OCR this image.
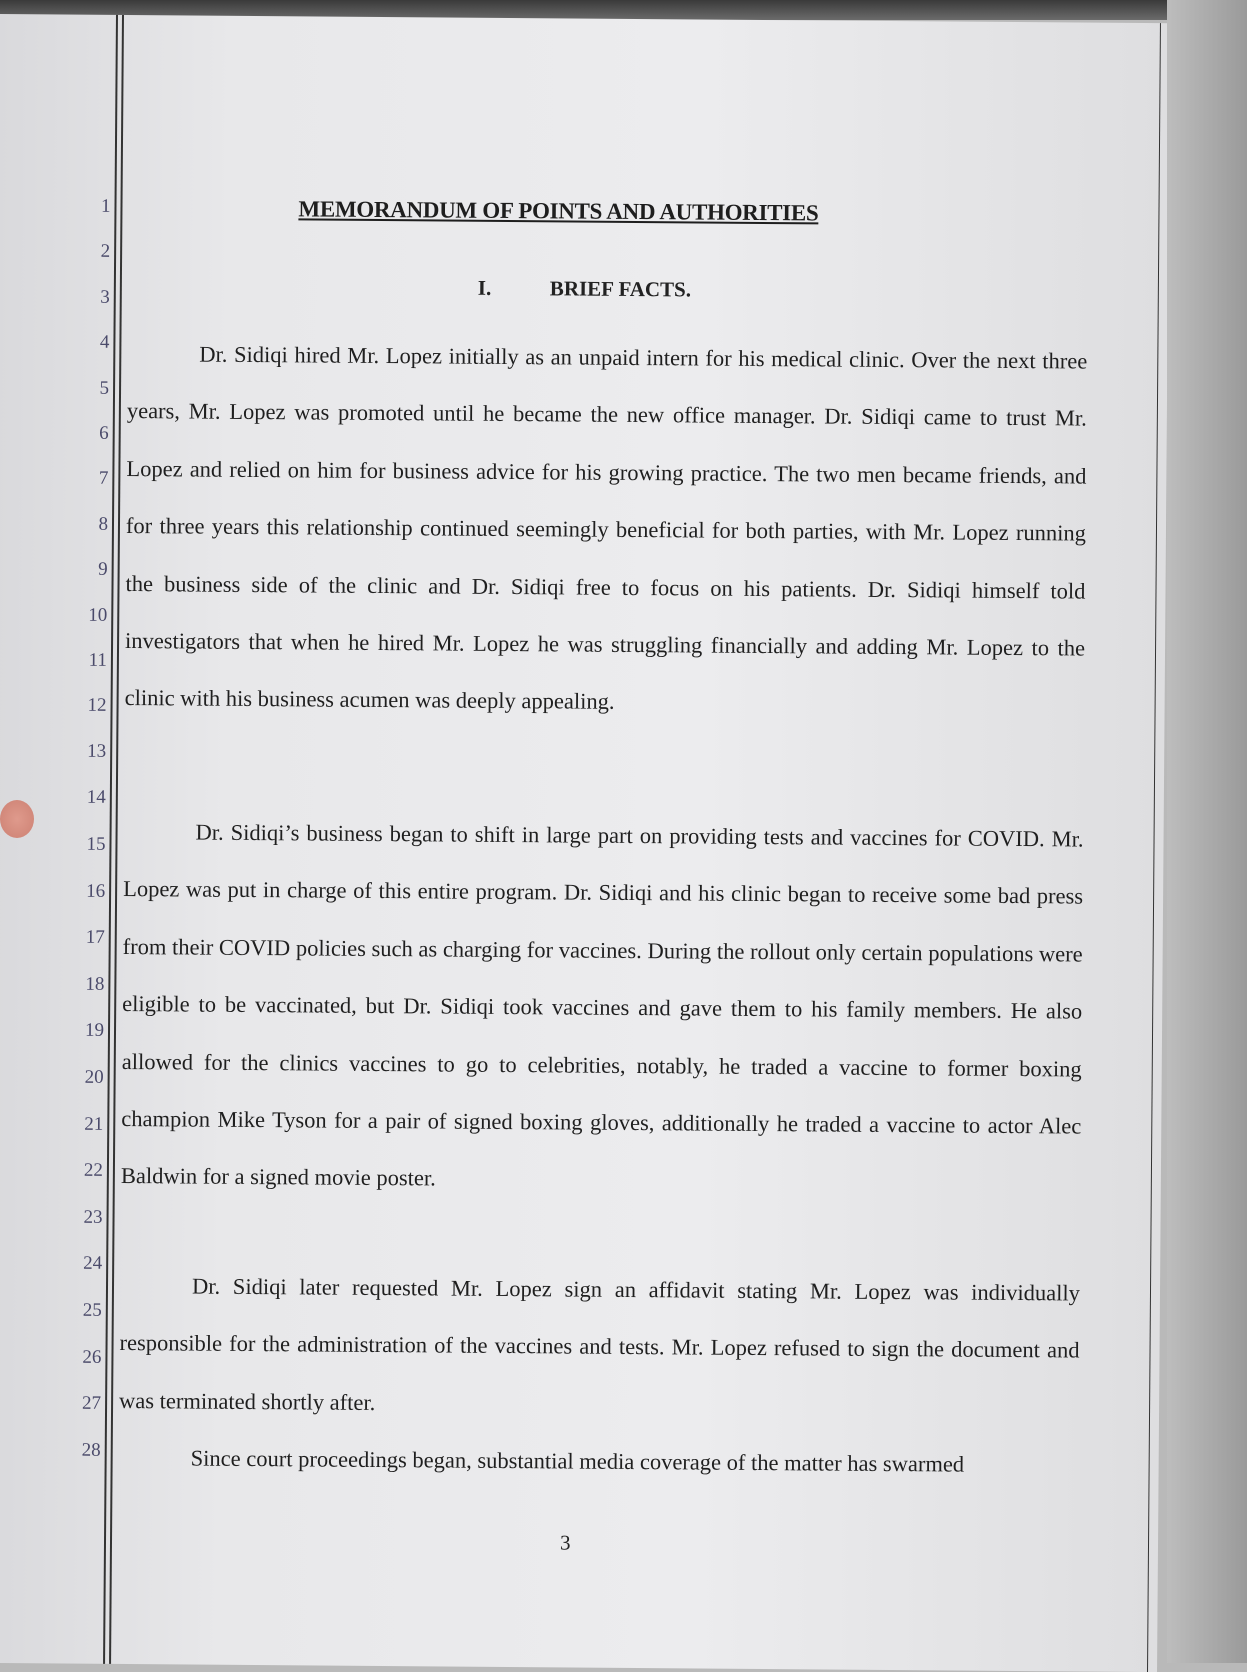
1
2
3
4
5
6
7
8
9
10
11
12
13
14
15
16
17
18
19
20
21
22
23
24
25
26
27
28
MEMORANDUM OF POINTS AND AUTHORITIES
I.	BRIEF FACTS.

Dr. Sidiqi hired Mr. Lopez initially as an unpaid intern for his medical clinic. Over the next three years, Mr. Lopez was promoted until he became the new office manager. Dr. Sidiqi came to trust Mr. Lopez and relied on him for business advice for his growing practice. The two men became friends, and for three years this relationship continued seemingly beneficial for both parties, with Mr. Lopez running the business side of the clinic and Dr. Sidiqi free to focus on his patients. Dr. Sidiqi himself told investigators that when he hired Mr. Lopez he was struggling financially and adding Mr. Lopez to the clinic with his business acumen was deeply appealing.

Dr. Sidiqi’s business began to shift in large part on providing tests and vaccines for COVID. Mr. Lopez was put in charge of this entire program. Dr. Sidiqi and his clinic began to receive some bad press from their COVID policies such as charging for vaccines. During the rollout only certain populations were eligible to be vaccinated, but Dr. Sidiqi took vaccines and gave them to his family members. He also allowed for the clinics vaccines to go to celebrities, notably, he traded a vaccine to former boxing champion Mike Tyson for a pair of signed boxing gloves, additionally he traded a vaccine to actor Alec Baldwin for a signed movie poster.

Dr. Sidiqi later requested Mr. Lopez sign an affidavit stating Mr. Lopez was individually responsible for the administration of the vaccines and tests. Mr. Lopez refused to sign the document and was terminated shortly after.

Since court proceedings began, substantial media coverage of the matter has swarmed

3
